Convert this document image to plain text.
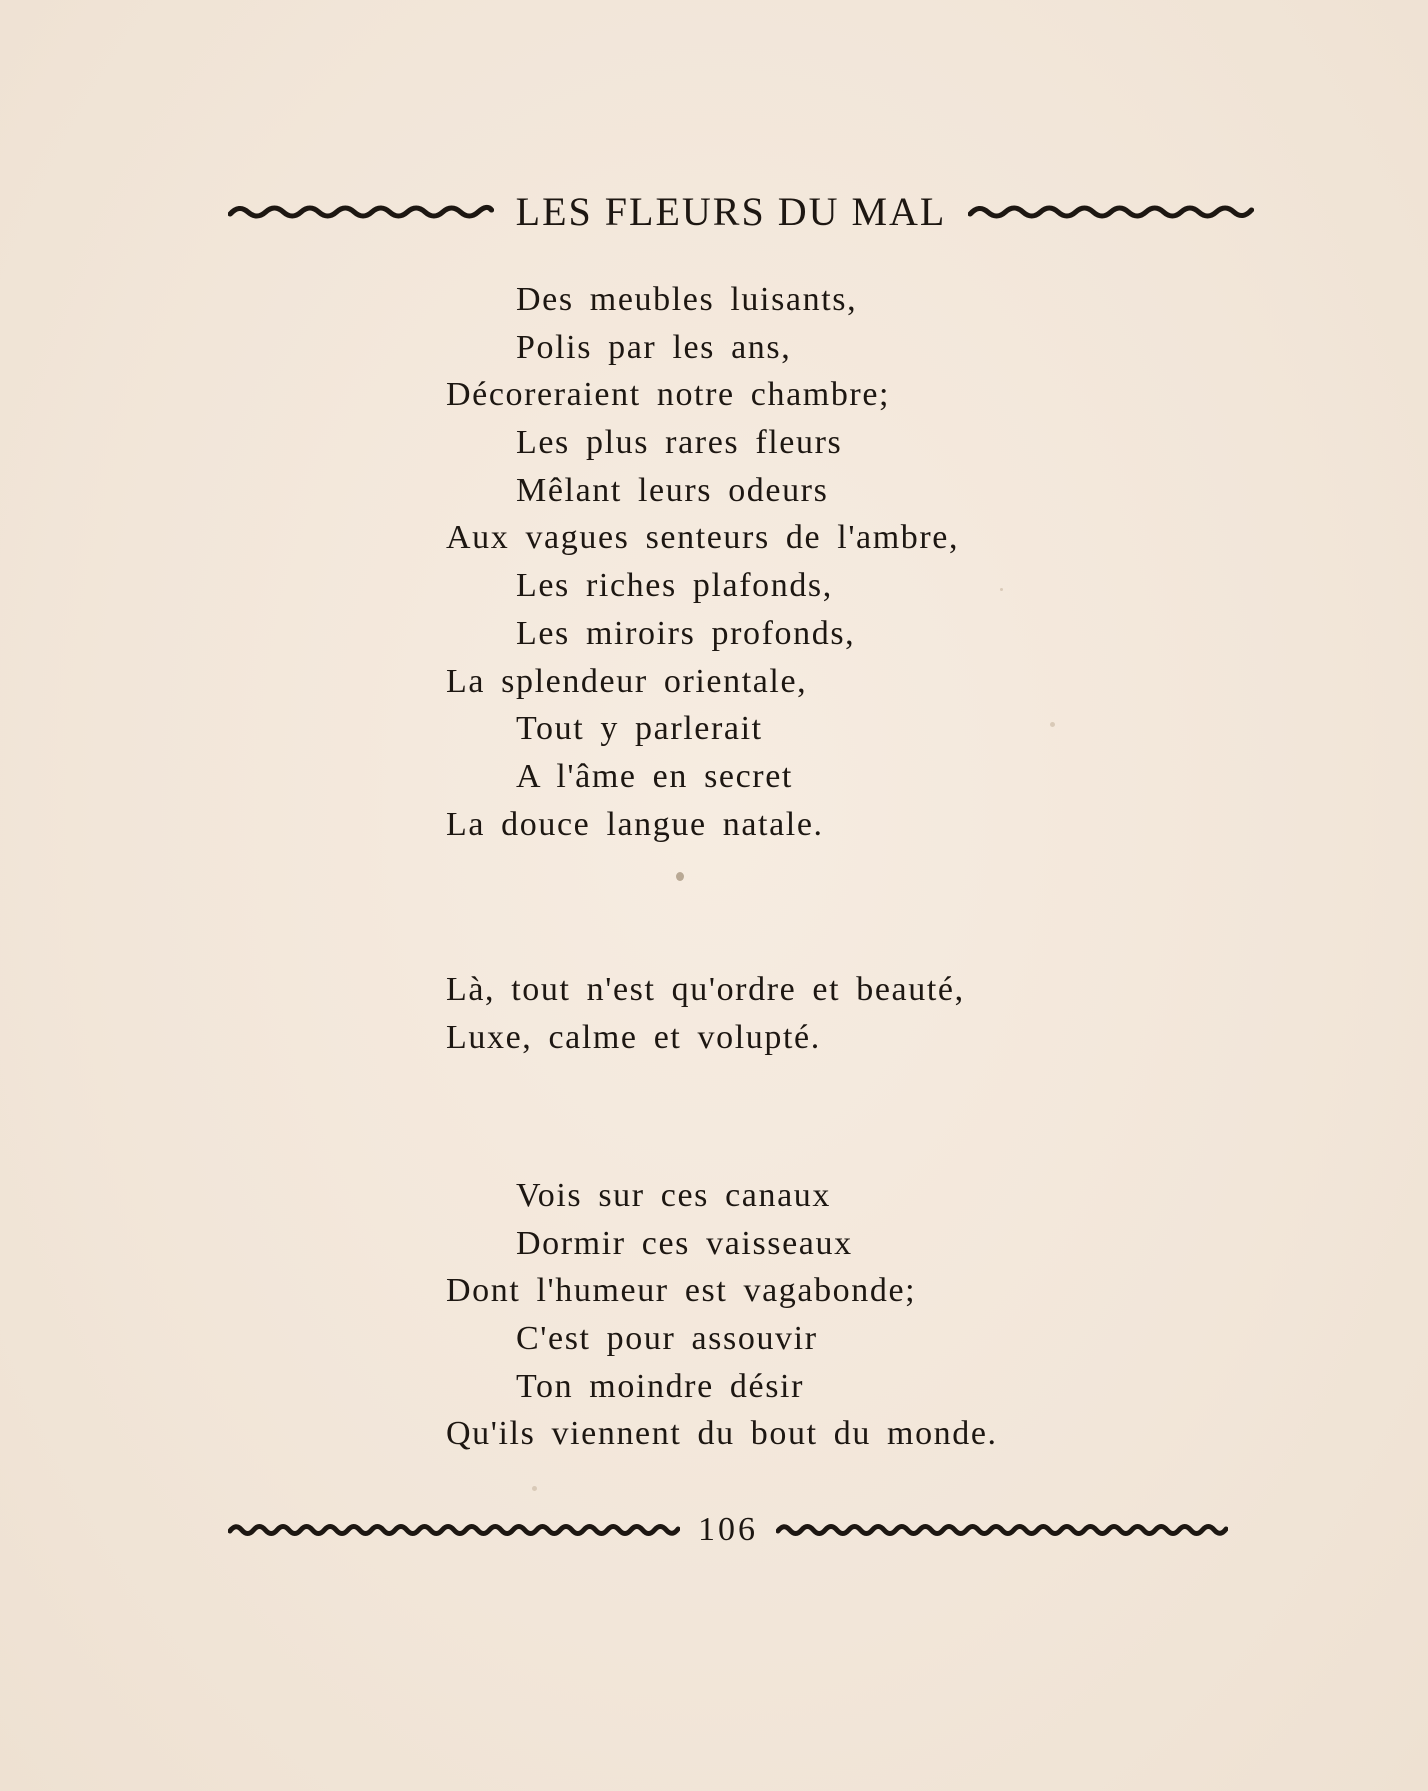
LES FLEURS DU MAL
Des meubles luisants,
Polis par les ans,
Décoreraient notre chambre;
Les plus rares fleurs
Mêlant leurs odeurs
Aux vagues senteurs de l'ambre,
Les riches plafonds,
Les miroirs profonds,
La splendeur orientale,
Tout y parlerait
A l'âme en secret
La douce langue natale.
Là, tout n'est qu'ordre et beauté,
Luxe, calme et volupté.
Vois sur ces canaux
Dormir ces vaisseaux
Dont l'humeur est vagabonde;
C'est pour assouvir
Ton moindre désir
Qu'ils viennent du bout du monde.
106
